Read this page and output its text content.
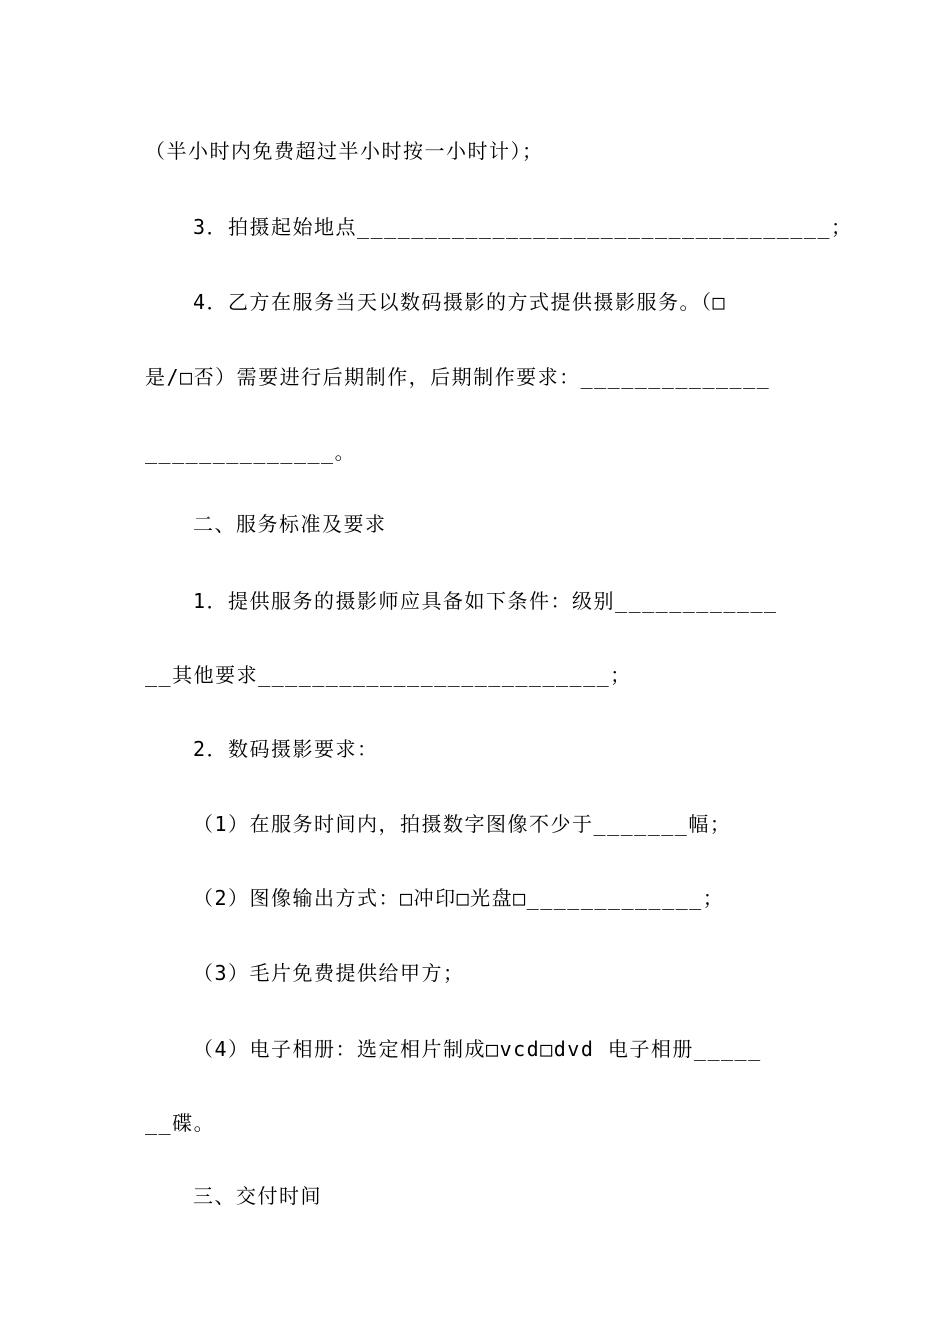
（半小时内免费超过半小时按一小时计）；
3．拍摄起始地点___________________________________；
4．乙方在服务当天以数码摄影的方式提供摄影服务。（□
是/□否）需要进行后期制作，后期制作要求：______________
______________。
二、服务标准及要求
1．提供服务的摄影师应具备如下条件：级别____________
__其他要求__________________________；
2．数码摄影要求：
（1）在服务时间内，拍摄数字图像不少于_______幅；
（2）图像输出方式：□冲印□光盘□_____________；
（3）毛片免费提供给甲方；
（4）电子相册：选定相片制成□vcd□dvd 电子相册_____
__碟。
三、交付时间
